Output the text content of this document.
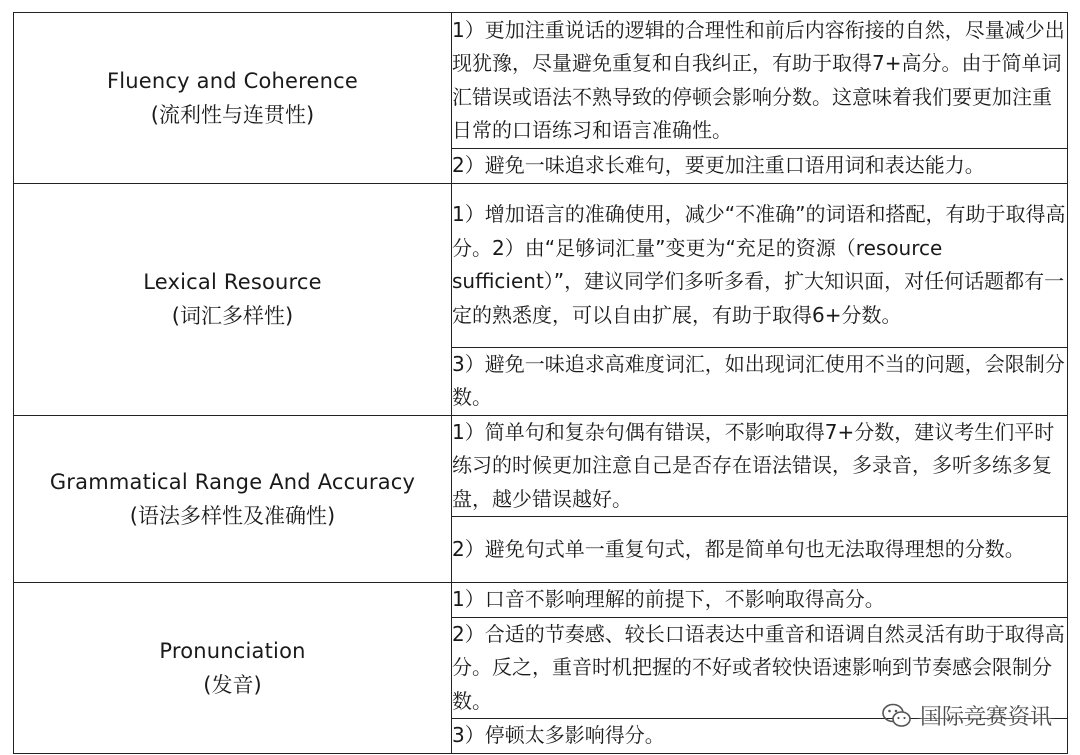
Fluency and Coherence
(流利性与连贯性)	1）更加注重说话的逻辑的合理性和前后内容衔接的自然，尽量减少出现犹豫，尽量避免重复和自我纠正，有助于取得7+高分。由于简单词汇错误或语法不熟导致的停顿会影响分数。这意味着我们要更加注重日常的口语练习和语言准确性。
	2）避免一味追求长难句，要更加注重口语用词和表达能力。

Lexical Resource
(词汇多样性)	1）增加语言的准确使用，减少“不准确”的词语和搭配，有助于取得高分。2）由“足够词汇量”变更为“充足的资源（resource sufficient）”，建议同学们多听多看，扩大知识面，对任何话题都有一定的熟悉度，可以自由扩展，有助于取得6+分数。
	3）避免一味追求高难度词汇，如出现词汇使用不当的问题，会限制分数。

Grammatical Range And Accuracy
(语法多样性及准确性)	1）简单句和复杂句偶有错误，不影响取得7+分数，建议考生们平时练习的时候更加注意自己是否存在语法错误，多录音，多听多练多复盘，越少错误越好。
	2）避免句式单一重复句式，都是简单句也无法取得理想的分数。

Pronunciation
(发音)	1）口音不影响理解的前提下，不影响取得高分。
	2）合适的节奏感、较长口语表达中重音和语调自然灵活有助于取得高分。反之，重音时机把握的不好或者较快语速影响到节奏感会限制分数。
	3）停顿太多影响得分。
国际竞赛资讯
